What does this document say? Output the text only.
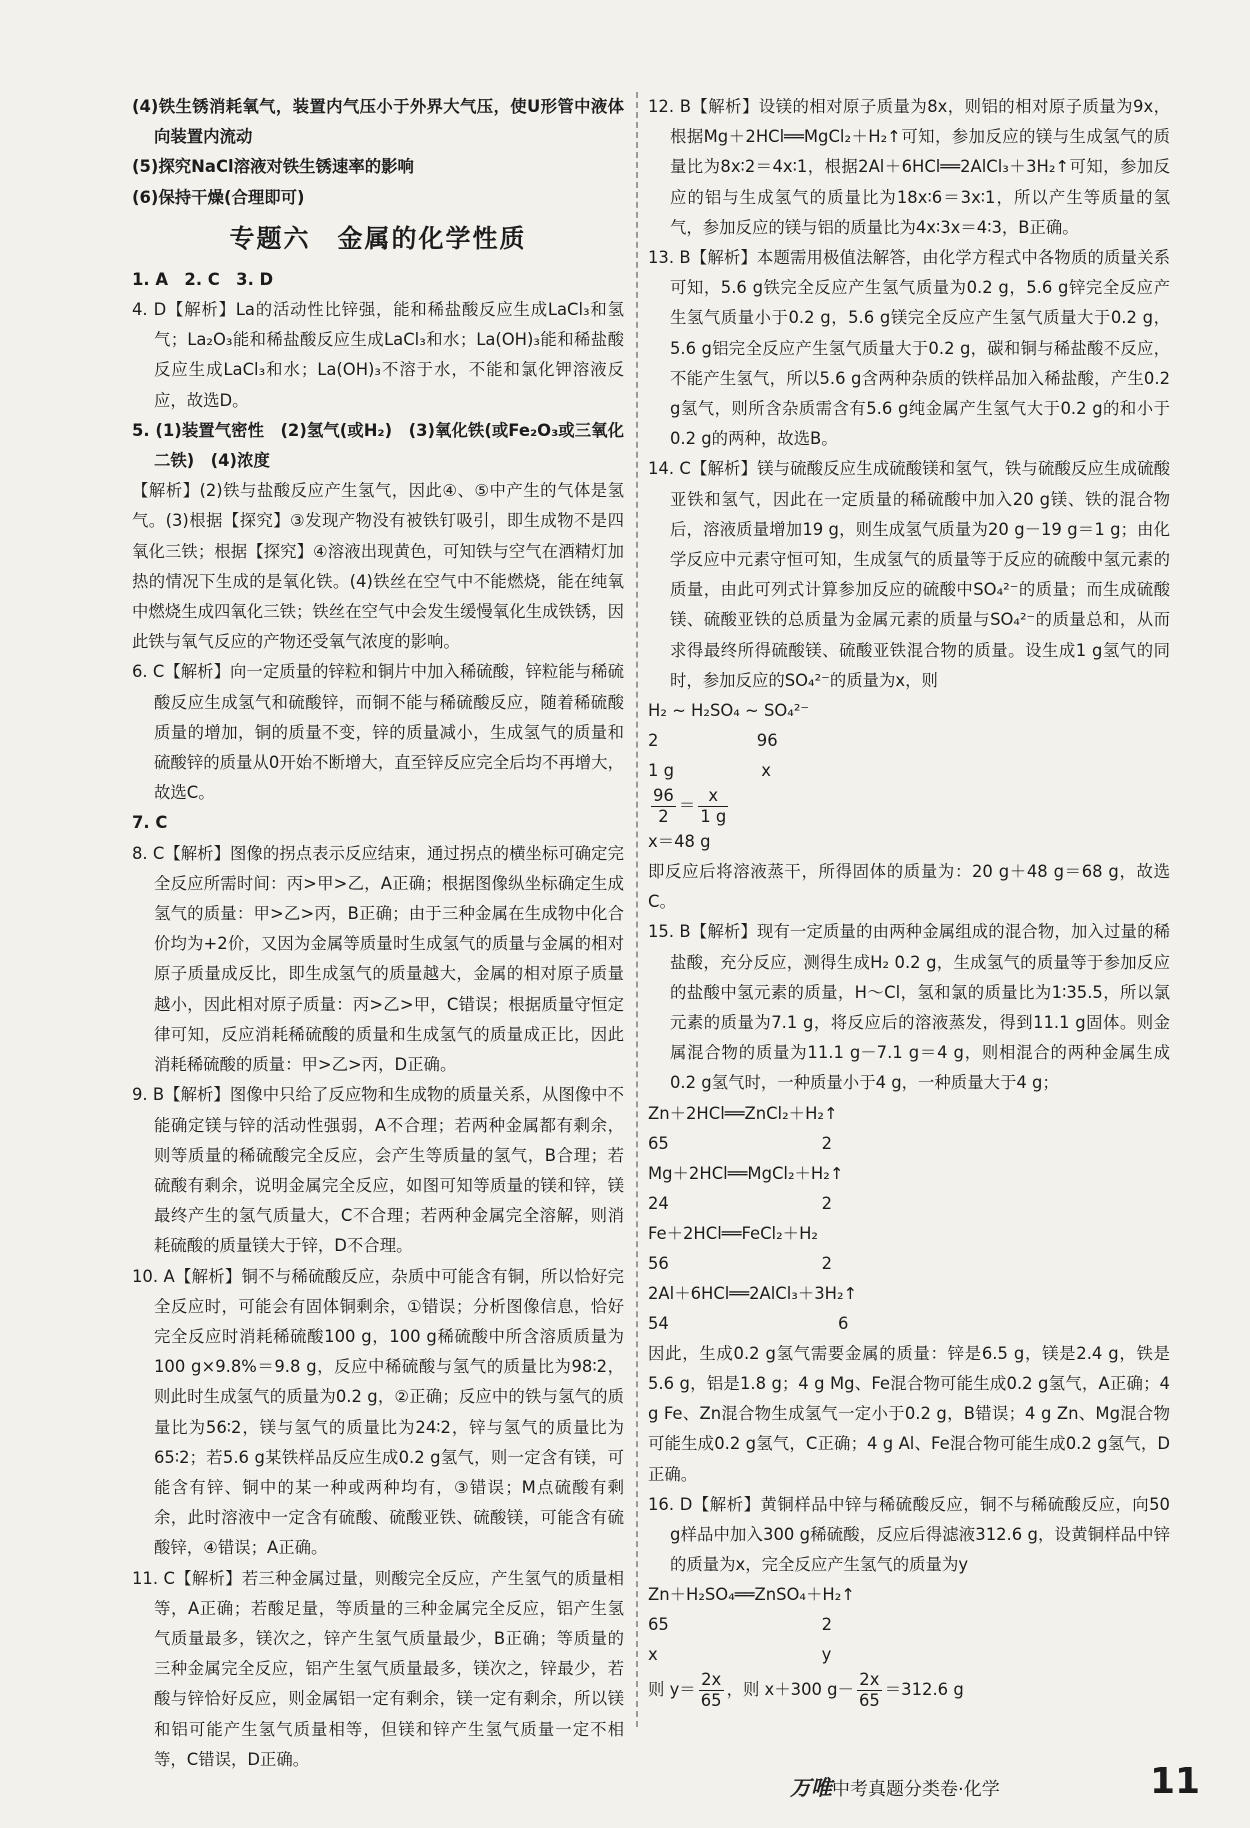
(4)铁生锈消耗氧气，装置内气压小于外界大气压，使U形管中液体向装置内流动

(5)探究NaCl溶液对铁生锈速率的影响

(6)保持干燥(合理即可)

专题六　金属的化学性质

1. A　2. C　3. D

4. D【解析】La的活动性比锌强，能和稀盐酸反应生成LaCl₃和氢气；La₂O₃能和稀盐酸反应生成LaCl₃和水；La(OH)₃能和稀盐酸反应生成LaCl₃和水；La(OH)₃不溶于水，不能和氯化钾溶液反应，故选D。

5. (1)装置气密性　(2)氢气(或H₂)　(3)氧化铁(或Fe₂O₃或三氧化二铁)　(4)浓度

【解析】(2)铁与盐酸反应产生氢气，因此④、⑤中产生的气体是氢气。(3)根据【探究】③发现产物没有被铁钉吸引，即生成物不是四氧化三铁；根据【探究】④溶液出现黄色，可知铁与空气在酒精灯加热的情况下生成的是氧化铁。(4)铁丝在空气中不能燃烧，能在纯氧中燃烧生成四氧化三铁；铁丝在空气中会发生缓慢氧化生成铁锈，因此铁与氧气反应的产物还受氧气浓度的影响。

6. C【解析】向一定质量的锌粒和铜片中加入稀硫酸，锌粒能与稀硫酸反应生成氢气和硫酸锌，而铜不能与稀硫酸反应，随着稀硫酸质量的增加，铜的质量不变，锌的质量减小，生成氢气的质量和硫酸锌的质量从0开始不断增大，直至锌反应完全后均不再增大，故选C。

7. C

8. C【解析】图像的拐点表示反应结束，通过拐点的横坐标可确定完全反应所需时间：丙>甲>乙，A正确；根据图像纵坐标确定生成氢气的质量：甲>乙>丙，B正确；由于三种金属在生成物中化合价均为+2价，又因为金属等质量时生成氢气的质量与金属的相对原子质量成反比，即生成氢气的质量越大，金属的相对原子质量越小，因此相对原子质量：丙>乙>甲，C错误；根据质量守恒定律可知，反应消耗稀硫酸的质量和生成氢气的质量成正比，因此消耗稀硫酸的质量：甲>乙>丙，D正确。

9. B【解析】图像中只给了反应物和生成物的质量关系，从图像中不能确定镁与锌的活动性强弱，A不合理；若两种金属都有剩余，则等质量的稀硫酸完全反应，会产生等质量的氢气，B合理；若硫酸有剩余，说明金属完全反应，如图可知等质量的镁和锌，镁最终产生的氢气质量大，C不合理；若两种金属完全溶解，则消耗硫酸的质量镁大于锌，D不合理。

10. A【解析】铜不与稀硫酸反应，杂质中可能含有铜，所以恰好完全反应时，可能会有固体铜剩余，①错误；分析图像信息，恰好完全反应时消耗稀硫酸100 g，100 g稀硫酸中所含溶质质量为100 g×9.8%＝9.8 g，反应中稀硫酸与氢气的质量比为98∶2，则此时生成氢气的质量为0.2 g，②正确；反应中的铁与氢气的质量比为56∶2，镁与氢气的质量比为24∶2，锌与氢气的质量比为65∶2；若5.6 g某铁样品反应生成0.2 g氢气，则一定含有镁，可能含有锌、铜中的某一种或两种均有，③错误；M点硫酸有剩余，此时溶液中一定含有硫酸、硫酸亚铁、硫酸镁，可能含有硫酸锌，④错误；A正确。

11. C【解析】若三种金属过量，则酸完全反应，产生氢气的质量相等，A正确；若酸足量，等质量的三种金属完全反应，铝产生氢气质量最多，镁次之，锌产生氢气质量最少，B正确；等质量的三种金属完全反应，铝产生氢气质量最多，镁次之，锌最少，若酸与锌恰好反应，则金属铝一定有剩余，镁一定有剩余，所以镁和铝可能产生氢气质量相等，但镁和锌产生氢气质量一定不相等，C错误，D正确。

12. B【解析】设镁的相对原子质量为8x，则铝的相对原子质量为9x，根据Mg＋2HCl══MgCl₂＋H₂↑可知，参加反应的镁与生成氢气的质量比为8x∶2＝4x∶1，根据2Al＋6HCl══2AlCl₃＋3H₂↑可知，参加反应的铝与生成氢气的质量比为18x∶6＝3x∶1，所以产生等质量的氢气，参加反应的镁与铝的质量比为4x∶3x＝4∶3，B正确。

13. B【解析】本题需用极值法解答，由化学方程式中各物质的质量关系可知，5.6 g铁完全反应产生氢气质量为0.2 g，5.6 g锌完全反应产生氢气质量小于0.2 g，5.6 g镁完全反应产生氢气质量大于0.2 g，5.6 g铝完全反应产生氢气质量大于0.2 g，碳和铜与稀盐酸不反应，不能产生氢气，所以5.6 g含两种杂质的铁样品加入稀盐酸，产生0.2 g氢气，则所含杂质需含有5.6 g纯金属产生氢气大于0.2 g的和小于0.2 g的两种，故选B。

14. C【解析】镁与硫酸反应生成硫酸镁和氢气，铁与硫酸反应生成硫酸亚铁和氢气，因此在一定质量的稀硫酸中加入20 g镁、铁的混合物后，溶液质量增加19 g，则生成氢气质量为20 g－19 g＝1 g；由化学反应中元素守恒可知，生成氢气的质量等于反应的硫酸中氢元素的质量，由此可列式计算参加反应的硫酸中SO₄²⁻的质量；而生成硫酸镁、硫酸亚铁的总质量为金属元素的质量与SO₄²⁻的质量总和，从而求得最终所得硫酸镁、硫酸亚铁混合物的质量。设生成1 g氢气的同时，参加反应的SO₄²⁻的质量为x，则

H₂ ~ H₂SO₄ ~ SO₄²⁻

2　　　　　　96

1 g　　　　　 x

$\frac{96}{2} = \frac{x}{1 g}$

x＝48 g

即反应后将溶液蒸干，所得固体的质量为：20 g＋48 g＝68 g，故选C。

15. B【解析】现有一定质量的由两种金属组成的混合物，加入过量的稀盐酸，充分反应，测得生成H₂ 0.2 g，生成氢气的质量等于参加反应的盐酸中氢元素的质量，H～Cl，氢和氯的质量比为1∶35.5，所以氯元素的质量为7.1 g，将反应后的溶液蒸发，得到11.1 g固体。则金属混合物的质量为11.1 g－7.1 g＝4 g，则相混合的两种金属生成0.2 g氢气时，一种质量小于4 g，一种质量大于4 g；

Zn＋2HCl══ZnCl₂＋H₂↑

65　　　　　　　　　 2

Mg＋2HCl══MgCl₂＋H₂↑

24　　　　　　　　　 2

Fe＋2HCl══FeCl₂＋H₂

56　　　　　　　　　 2

2Al＋6HCl══2AlCl₃＋3H₂↑

54　　　　　　　　　　 6

因此，生成0.2 g氢气需要金属的质量：锌是6.5 g，镁是2.4 g，铁是5.6 g，铝是1.8 g；4 g Mg、Fe混合物可能生成0.2 g氢气，A正确；4 g Fe、Zn混合物生成氢气一定小于0.2 g，B错误；4 g Zn、Mg混合物可能生成0.2 g氢气，C正确；4 g Al、Fe混合物可能生成0.2 g氢气，D正确。

16. D【解析】黄铜样品中锌与稀硫酸反应，铜不与稀硫酸反应，向50 g样品中加入300 g稀硫酸，反应后得滤液312.6 g，设黄铜样品中锌的质量为x，完全反应产生氢气的质量为y

Zn＋H₂SO₄══ZnSO₄＋H₂↑

65　　　　　　　　　 2

x　　　　　　　　　　y

则 $y= \frac{2x}{65}$ ，则 x＋300 $g- \frac{2x}{65} =312.6$ g

万唯中考真题分类卷·化学	11
